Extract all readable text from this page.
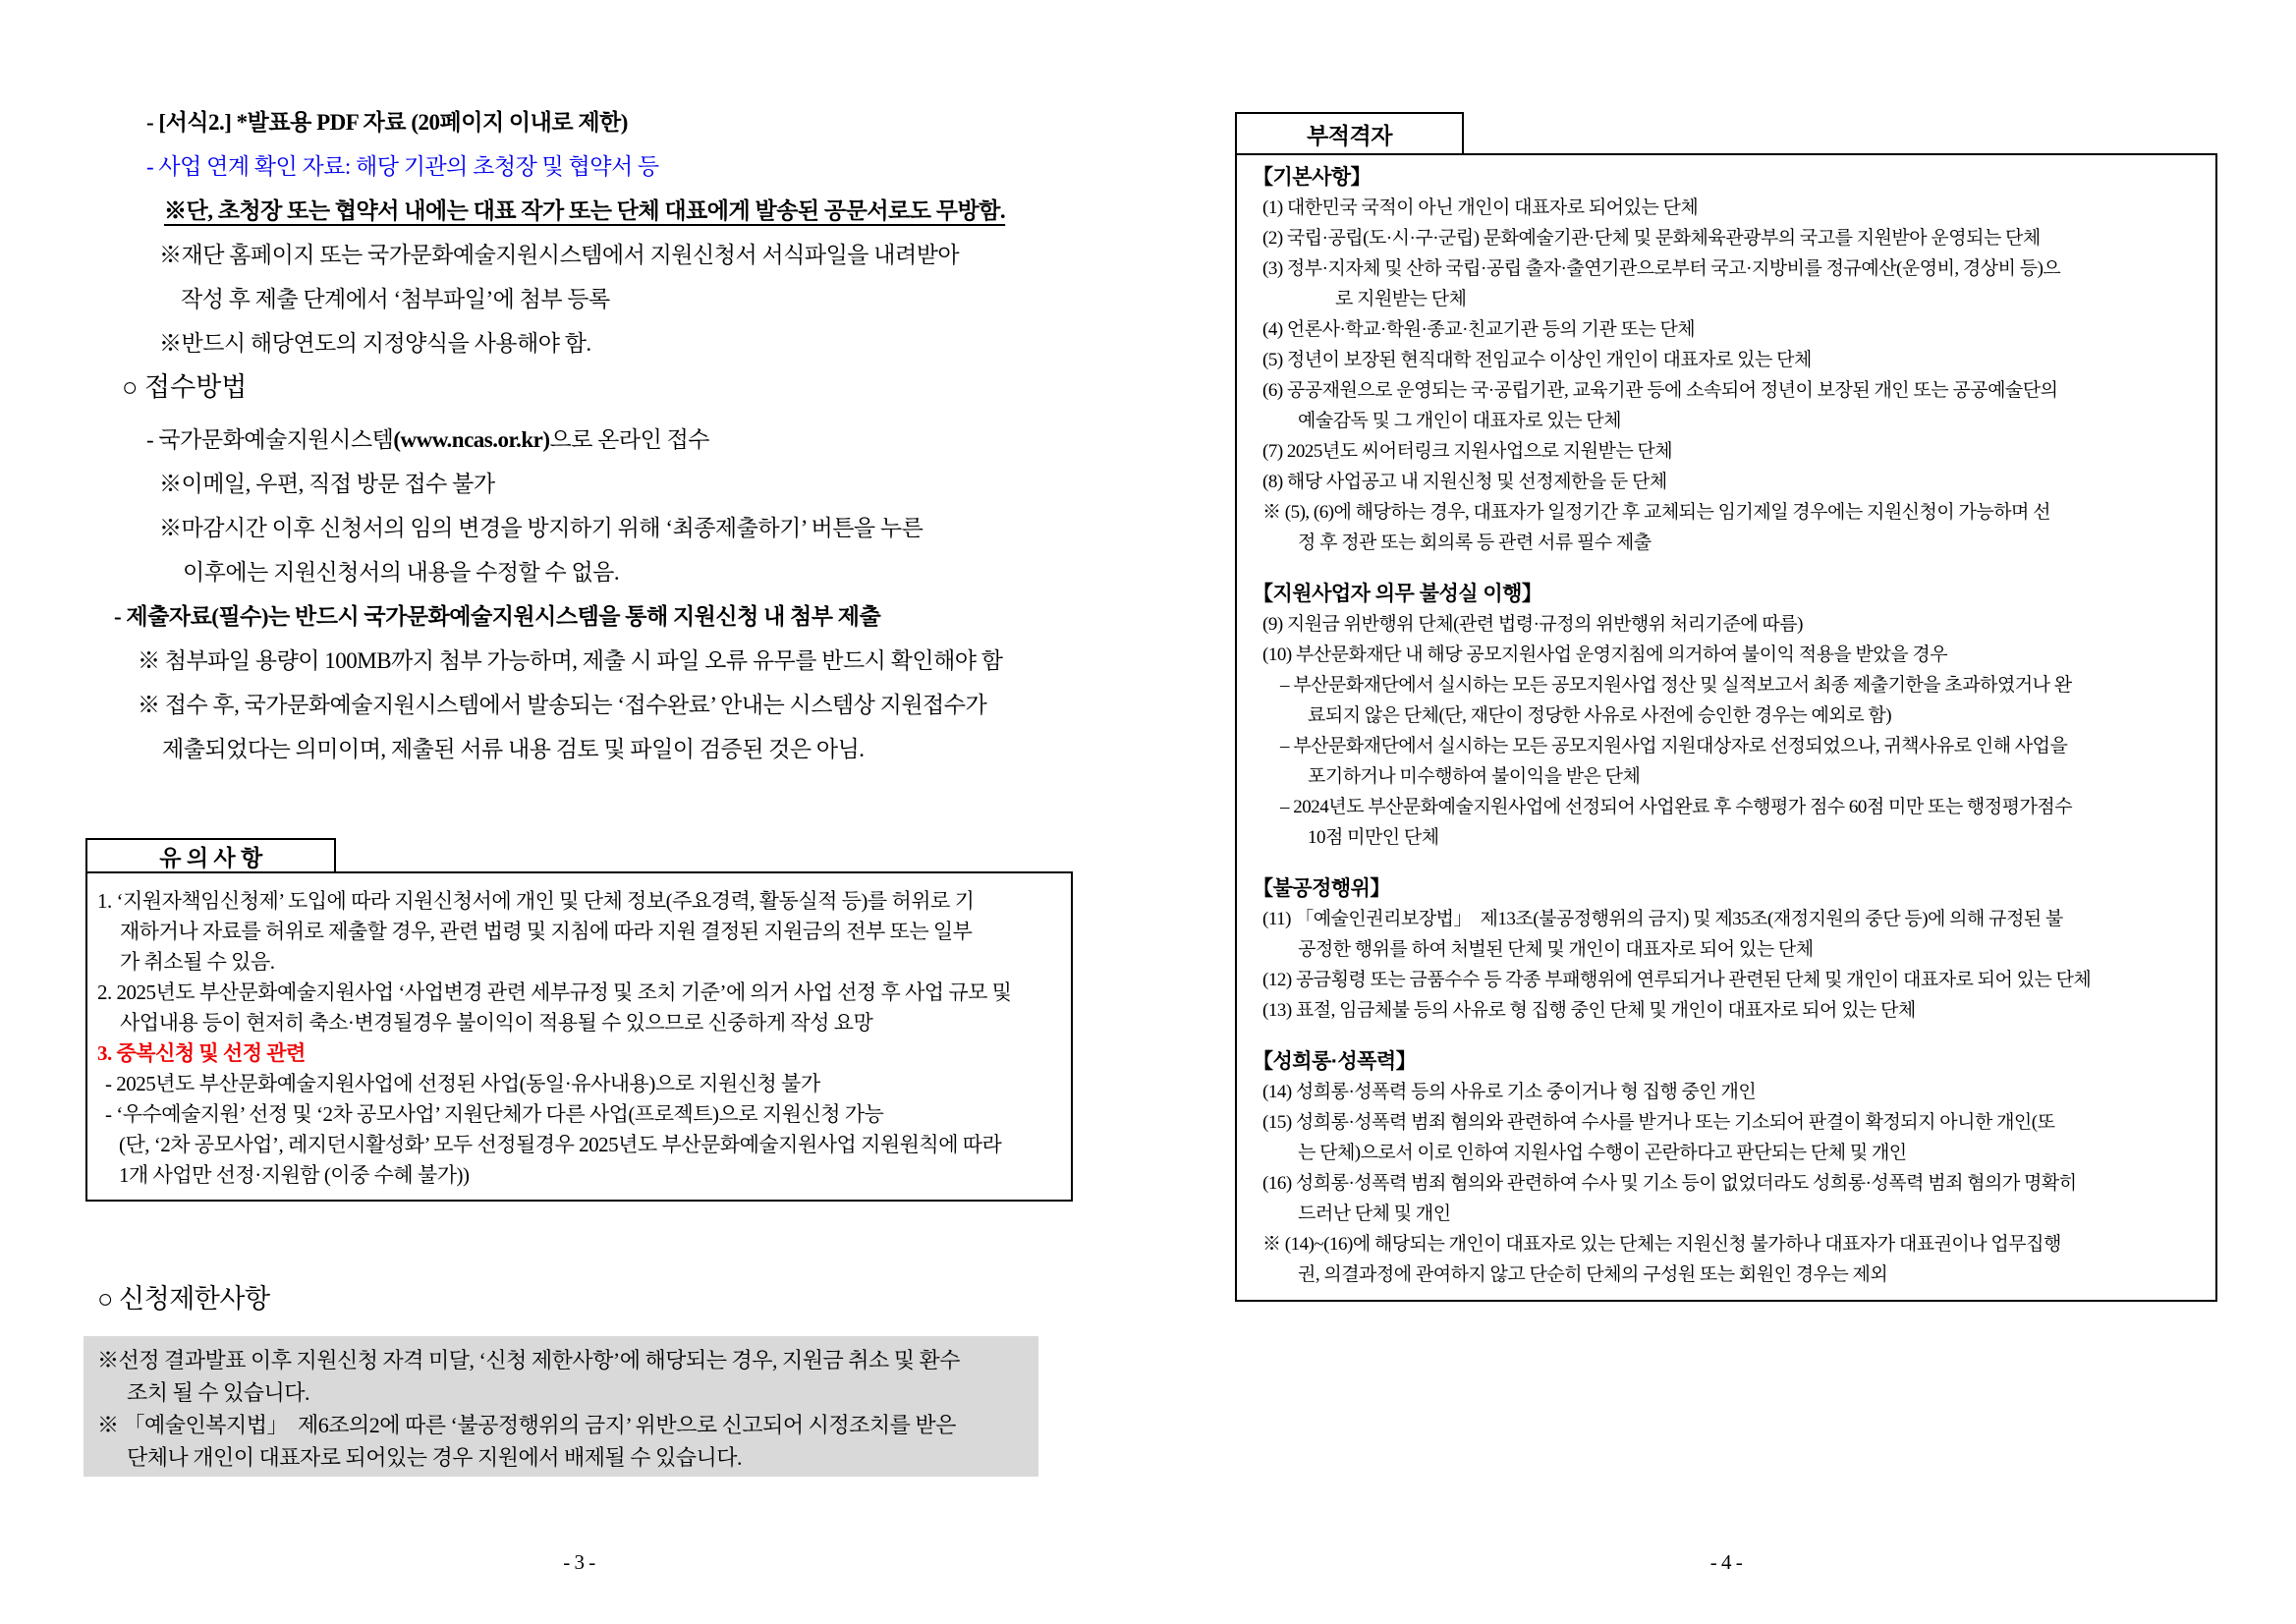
- [서식2.] *발표용 PDF 자료 (20페이지 이내로 제한)
- 사업 연계 확인 자료: 해당 기관의 초청장 및 협약서 등
※단, 초청장 또는 협약서 내에는 대표 작가 또는 단체 대표에게 발송된 공문서로도 무방함.
※재단 홈페이지 또는 국가문화예술지원시스템에서 지원신청서 서식파일을 내려받아
작성 후 제출 단계에서 ‘첨부파일’에 첨부 등록
※반드시 해당연도의 지정양식을 사용해야 함.
○ 접수방법
- 국가문화예술지원시스템(www.ncas.or.kr)으로 온라인 접수
※이메일, 우편, 직접 방문 접수 불가
※마감시간 이후 신청서의 임의 변경을 방지하기 위해 ‘최종제출하기’ 버튼을 누른
이후에는 지원신청서의 내용을 수정할 수 없음.
- 제출자료(필수)는 반드시 국가문화예술지원시스템을 통해 지원신청 내 첨부 제출
※ 첨부파일 용량이 100MB까지 첨부 가능하며, 제출 시 파일 오류 유무를 반드시 확인해야 함
※ 접수 후, 국가문화예술지원시스템에서 발송되는 ‘접수완료’ 안내는 시스템상 지원접수가
제출되었다는 의미이며, 제출된 서류 내용 검토 및 파일이 검증된 것은 아님.
유 의 사 항
1. ‘지원자책임신청제’ 도입에 따라 지원신청서에 개인 및 단체 정보(주요경력, 활동실적 등)를 허위로 기
재하거나 자료를 허위로 제출할 경우, 관련 법령 및 지침에 따라 지원 결정된 지원금의 전부 또는 일부
가 취소될 수 있음.
2. 2025년도 부산문화예술지원사업 ‘사업변경 관련 세부규정 및 조치 기준’에 의거 사업 선정 후 사업 규모 및
사업내용 등이 현저히 축소·변경될경우 불이익이 적용될 수 있으므로 신중하게 작성 요망
3. 중복신청 및 선정 관련
- 2025년도 부산문화예술지원사업에 선정된 사업(동일·유사내용)으로 지원신청 불가
- ‘우수예술지원’ 선정 및 ‘2차 공모사업’ 지원단체가 다른 사업(프로젝트)으로 지원신청 가능
(단, ‘2차 공모사업’, 레지던시활성화’ 모두 선정될경우 2025년도 부산문화예술지원사업 지원원칙에 따라
1개 사업만 선정·지원함 (이중 수혜 불가))
○ 신청제한사항
※선정 결과발표 이후 지원신청 자격 미달, ‘신청 제한사항’에 해당되는 경우, 지원금 취소 및 환수
조치 될 수 있습니다.
※ 「예술인복지법」  제6조의2에 따른 ‘불공정행위의 금지’ 위반으로 신고되어 시정조치를 받은
단체나 개인이 대표자로 되어있는 경우 지원에서 배제될 수 있습니다.
- 3 -
부적격자
【기본사항】
(1) 대한민국 국적이 아닌 개인이 대표자로 되어있는 단체
(2) 국립·공립(도·시·구·군립) 문화예술기관·단체 및 문화체육관광부의 국고를 지원받아 운영되는 단체
(3) 정부·지자체 및 산하 국립·공립 출자·출연기관으로부터 국고·지방비를 정규예산(운영비, 경상비 등)으
로 지원받는 단체
(4) 언론사·학교·학원·종교·친교기관 등의 기관 또는 단체
(5) 정년이 보장된 현직대학 전임교수 이상인 개인이 대표자로 있는 단체
(6) 공공재원으로 운영되는 국·공립기관, 교육기관 등에 소속되어 정년이 보장된 개인 또는 공공예술단의
예술감독 및 그 개인이 대표자로 있는 단체
(7) 2025년도 씨어터링크 지원사업으로 지원받는 단체
(8) 해당 사업공고 내 지원신청 및 선정제한을 둔 단체
※ (5), (6)에 해당하는 경우, 대표자가 일정기간 후 교체되는 임기제일 경우에는 지원신청이 가능하며 선
정 후 정관 또는 회의록 등 관련 서류 필수 제출
【지원사업자 의무 불성실 이행】
(9) 지원금 위반행위 단체(관련 법령·규정의 위반행위 처리기준에 따름)
(10) 부산문화재단 내 해당 공모지원사업 운영지침에 의거하여 불이익 적용을 받았을 경우
– 부산문화재단에서 실시하는 모든 공모지원사업 정산 및 실적보고서 최종 제출기한을 초과하였거나 완
료되지 않은 단체(단, 재단이 정당한 사유로 사전에 승인한 경우는 예외로 함)
– 부산문화재단에서 실시하는 모든 공모지원사업 지원대상자로 선정되었으나, 귀책사유로 인해 사업을
포기하거나 미수행하여 불이익을 받은 단체
– 2024년도 부산문화예술지원사업에 선정되어 사업완료 후 수행평가 점수 60점 미만 또는 행정평가점수
10점 미만인 단체
【불공정행위】
(11) 「예술인권리보장법」  제13조(불공정행위의 금지) 및 제35조(재정지원의 중단 등)에 의해 규정된 불
공정한 행위를 하여 처벌된 단체 및 개인이 대표자로 되어 있는 단체
(12) 공금횡령 또는 금품수수 등 각종 부패행위에 연루되거나 관련된 단체 및 개인이 대표자로 되어 있는 단체
(13) 표절, 임금체불 등의 사유로 형 집행 중인 단체 및 개인이 대표자로 되어 있는 단체
【성희롱·성폭력】
(14) 성희롱·성폭력 등의 사유로 기소 중이거나 형 집행 중인 개인
(15) 성희롱·성폭력 범죄 혐의와 관련하여 수사를 받거나 또는 기소되어 판결이 확정되지 아니한 개인(또
는 단체)으로서 이로 인하여 지원사업 수행이 곤란하다고 판단되는 단체 및 개인
(16) 성희롱·성폭력 범죄 혐의와 관련하여 수사 및 기소 등이 없었더라도 성희롱·성폭력 범죄 혐의가 명확히
드러난 단체 및 개인
※ (14)~(16)에 해당되는 개인이 대표자로 있는 단체는 지원신청 불가하나 대표자가 대표권이나 업무집행
권, 의결과정에 관여하지 않고 단순히 단체의 구성원 또는 회원인 경우는 제외
- 4 -
